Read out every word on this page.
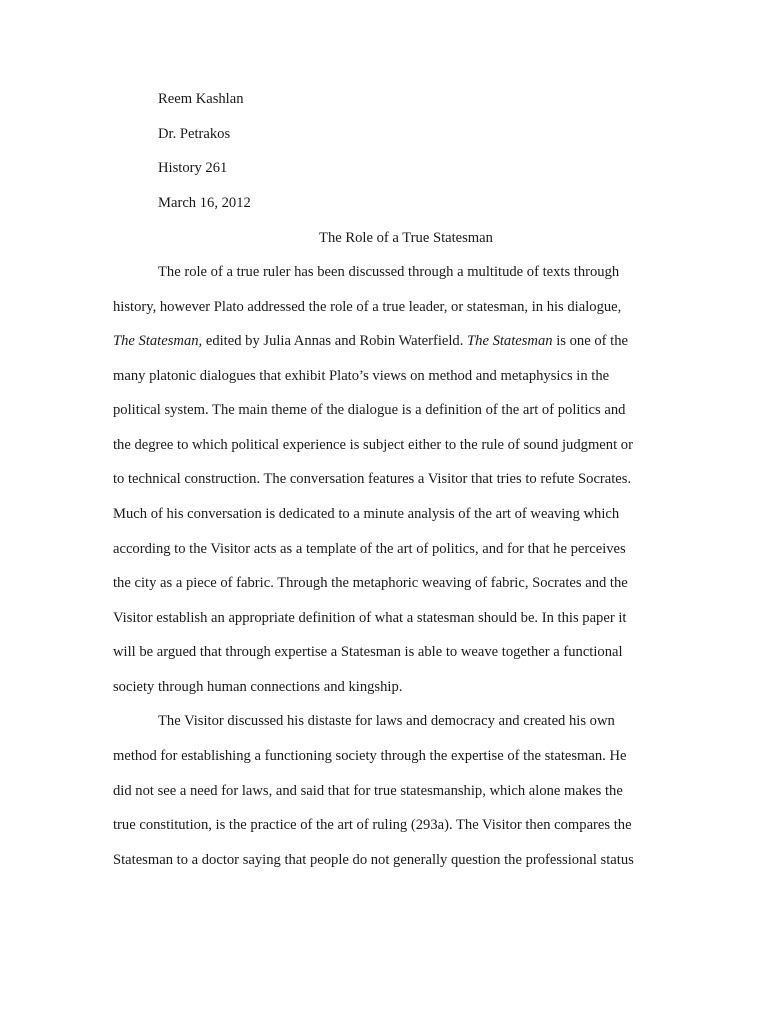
Reem Kashlan
Dr. Petrakos
History 261
March 16, 2012
The Role of a True Statesman
The role of a true ruler has been discussed through a multitude of texts through
history, however Plato addressed the role of a true leader, or statesman, in his dialogue,
The Statesman, edited by Julia Annas and Robin Waterfield. The Statesman is one of the
many platonic dialogues that exhibit Plato’s views on method and metaphysics in the
political system. The main theme of the dialogue is a definition of the art of politics and
the degree to which political experience is subject either to the rule of sound judgment or
to technical construction. The conversation features a Visitor that tries to refute Socrates.
Much of his conversation is dedicated to a minute analysis of the art of weaving which
according to the Visitor acts as a template of the art of politics, and for that he perceives
the city as a piece of fabric. Through the metaphoric weaving of fabric, Socrates and the
Visitor establish an appropriate definition of what a statesman should be. In this paper it
will be argued that through expertise a Statesman is able to weave together a functional
society through human connections and kingship.
The Visitor discussed his distaste for laws and democracy and created his own
method for establishing a functioning society through the expertise of the statesman. He
did not see a need for laws, and said that for true statesmanship, which alone makes the
true constitution, is the practice of the art of ruling (293a). The Visitor then compares the
Statesman to a doctor saying that people do not generally question the professional status
